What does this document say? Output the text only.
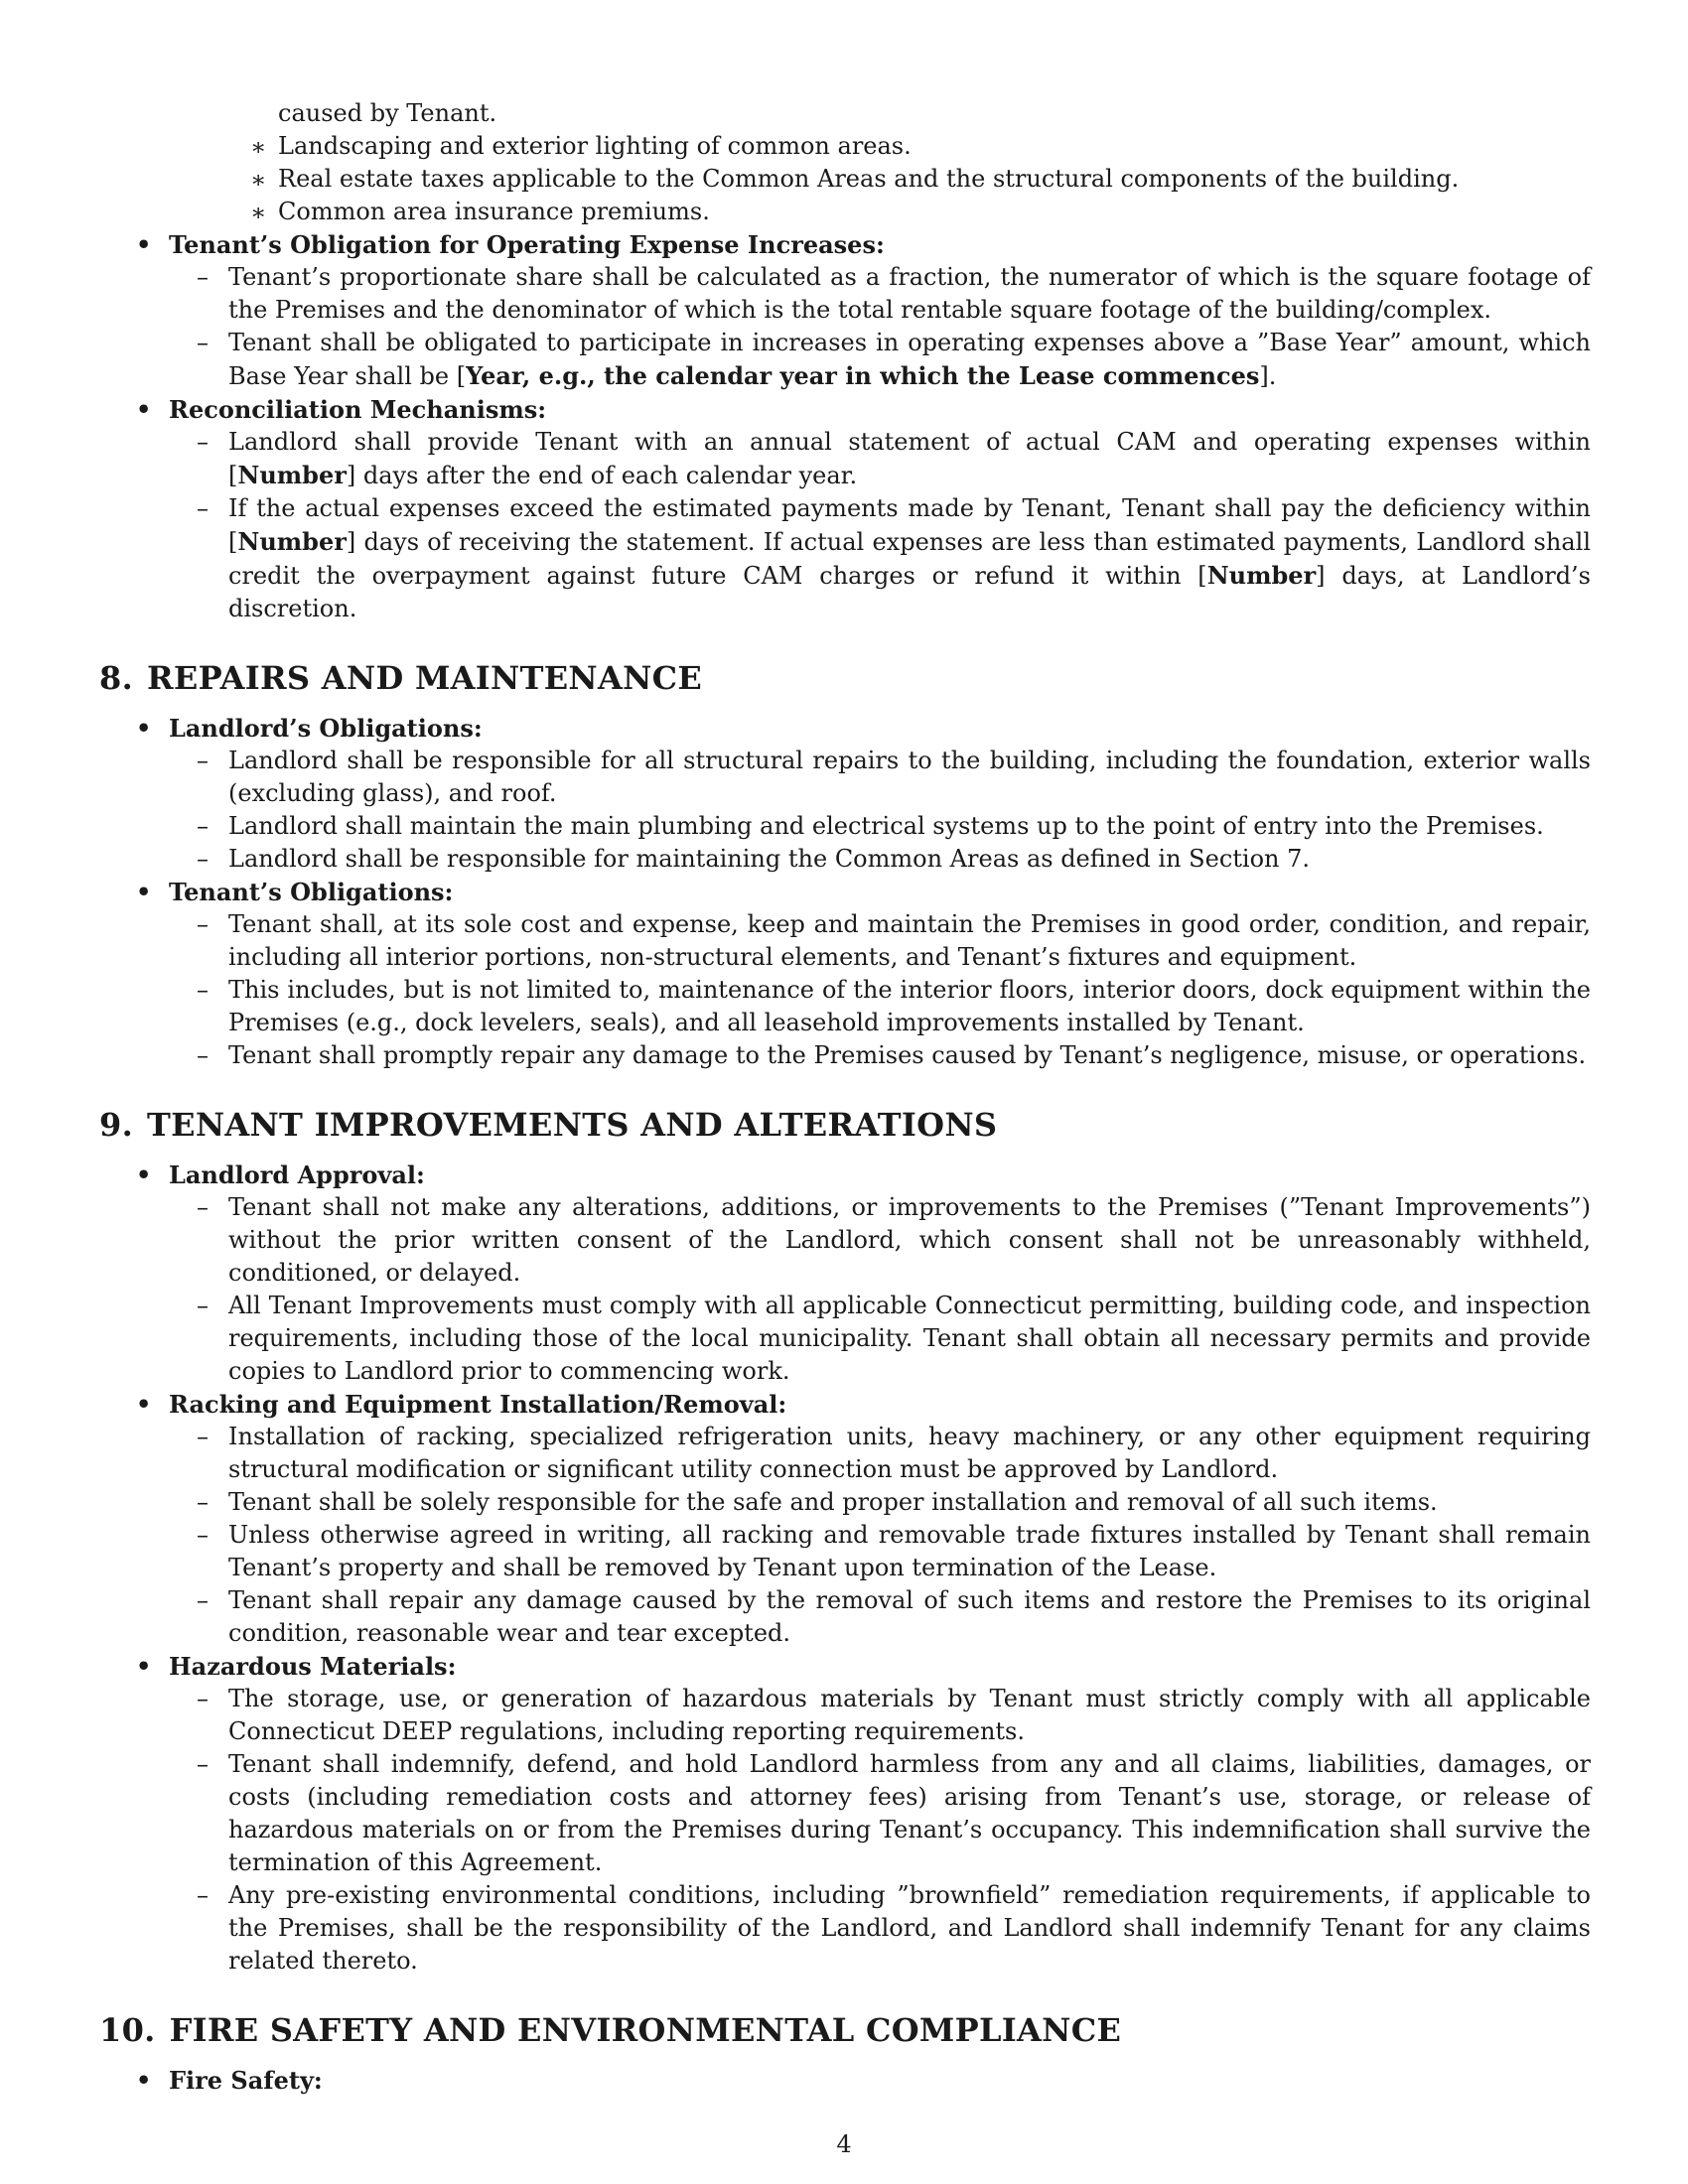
caused by Tenant.
∗ Landscaping and exterior lighting of common areas.
∗ Real estate taxes applicable to the Common Areas and the structural components of the building.
∗ Common area insurance premiums.
• Tenant’s Obligation for Operating Expense Increases:
– Tenant’s proportionate share shall be calculated as a fraction, the numerator of which is the square footage of the Premises and the denominator of which is the total rentable square footage of the building/complex.
– Tenant shall be obligated to participate in increases in operating expenses above a ”Base Year” amount, which Base Year shall be [Year, e.g., the calendar year in which the Lease commences].
• Reconciliation Mechanisms:
– Landlord shall provide Tenant with an annual statement of actual CAM and operating expenses within [Number] days after the end of each calendar year.
– If the actual expenses exceed the estimated payments made by Tenant, Tenant shall pay the deficiency within [Number] days of receiving the statement. If actual expenses are less than estimated payments, Landlord shall credit the overpayment against future CAM charges or refund it within [Number] days, at Landlord’s discretion.
8. REPAIRS AND MAINTENANCE
• Landlord’s Obligations:
– Landlord shall be responsible for all structural repairs to the building, including the foundation, exterior walls (excluding glass), and roof.
– Landlord shall maintain the main plumbing and electrical systems up to the point of entry into the Premises.
– Landlord shall be responsible for maintaining the Common Areas as defined in Section 7.
• Tenant’s Obligations:
– Tenant shall, at its sole cost and expense, keep and maintain the Premises in good order, condition, and repair, including all interior portions, non-structural elements, and Tenant’s fixtures and equipment.
– This includes, but is not limited to, maintenance of the interior floors, interior doors, dock equipment within the Premises (e.g., dock levelers, seals), and all leasehold improvements installed by Tenant.
– Tenant shall promptly repair any damage to the Premises caused by Tenant’s negligence, misuse, or operations.
9. TENANT IMPROVEMENTS AND ALTERATIONS
• Landlord Approval:
– Tenant shall not make any alterations, additions, or improvements to the Premises (”Tenant Improvements”) without the prior written consent of the Landlord, which consent shall not be unreasonably withheld, conditioned, or delayed.
– All Tenant Improvements must comply with all applicable Connecticut permitting, building code, and inspection requirements, including those of the local municipality. Tenant shall obtain all necessary permits and provide copies to Landlord prior to commencing work.
• Racking and Equipment Installation/Removal:
– Installation of racking, specialized refrigeration units, heavy machinery, or any other equipment requiring structural modification or significant utility connection must be approved by Landlord.
– Tenant shall be solely responsible for the safe and proper installation and removal of all such items.
– Unless otherwise agreed in writing, all racking and removable trade fixtures installed by Tenant shall remain Tenant’s property and shall be removed by Tenant upon termination of the Lease.
– Tenant shall repair any damage caused by the removal of such items and restore the Premises to its original condition, reasonable wear and tear excepted.
• Hazardous Materials:
– The storage, use, or generation of hazardous materials by Tenant must strictly comply with all applicable Connecticut DEEP regulations, including reporting requirements.
– Tenant shall indemnify, defend, and hold Landlord harmless from any and all claims, liabilities, damages, or costs (including remediation costs and attorney fees) arising from Tenant’s use, storage, or release of hazardous materials on or from the Premises during Tenant’s occupancy. This indemnification shall survive the termination of this Agreement.
– Any pre-existing environmental conditions, including ”brownfield” remediation requirements, if applicable to the Premises, shall be the responsibility of the Landlord, and Landlord shall indemnify Tenant for any claims related thereto.
10. FIRE SAFETY AND ENVIRONMENTAL COMPLIANCE
• Fire Safety:
4
